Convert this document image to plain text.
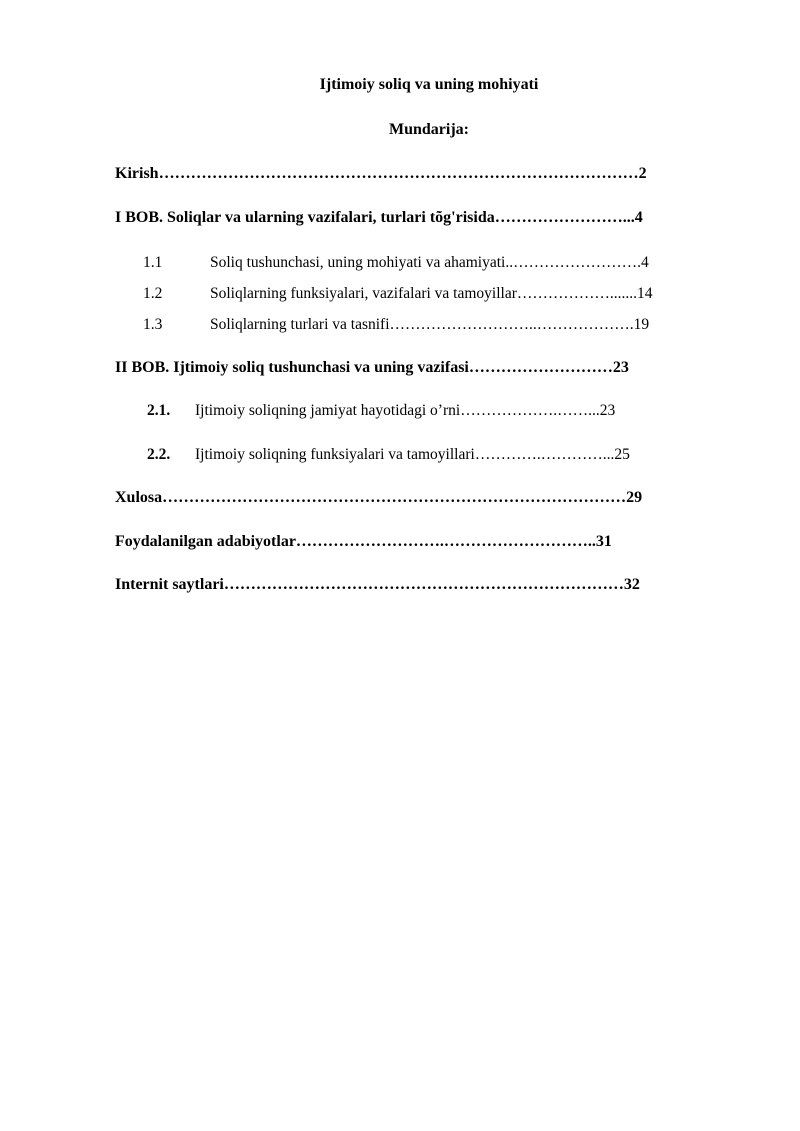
Ijtimoiy soliq va uning mohiyati
Mundarija:
Kirish………………………………………………………………………………2
I BOB. Soliqlar va ularning vazifalari, turlari tõg'risida……………………...4
1.1	Soliq tushunchasi, uning mohiyati va ahamiyati..…………………….4
1.2	Soliqlarning funksiyalari, vazifalari va tamoyillar……………….......14
1.3	Soliqlarning turlari va tasnifi………………………..……………….19
II BOB. Ijtimoiy soliq tushunchasi va uning vazifasi………………………23
2.1. Ijtimoiy soliqning jamiyat hayotidagi o’rni……………….……...23
2.2. Ijtimoiy soliqning funksiyalari va tamoyillari………….…………...25
Xulosa……………………………………………………………………………29
Foydalanilgan adabiyotlar……………………….………………………..31
Internit saytlari…………………………………………………………………32
